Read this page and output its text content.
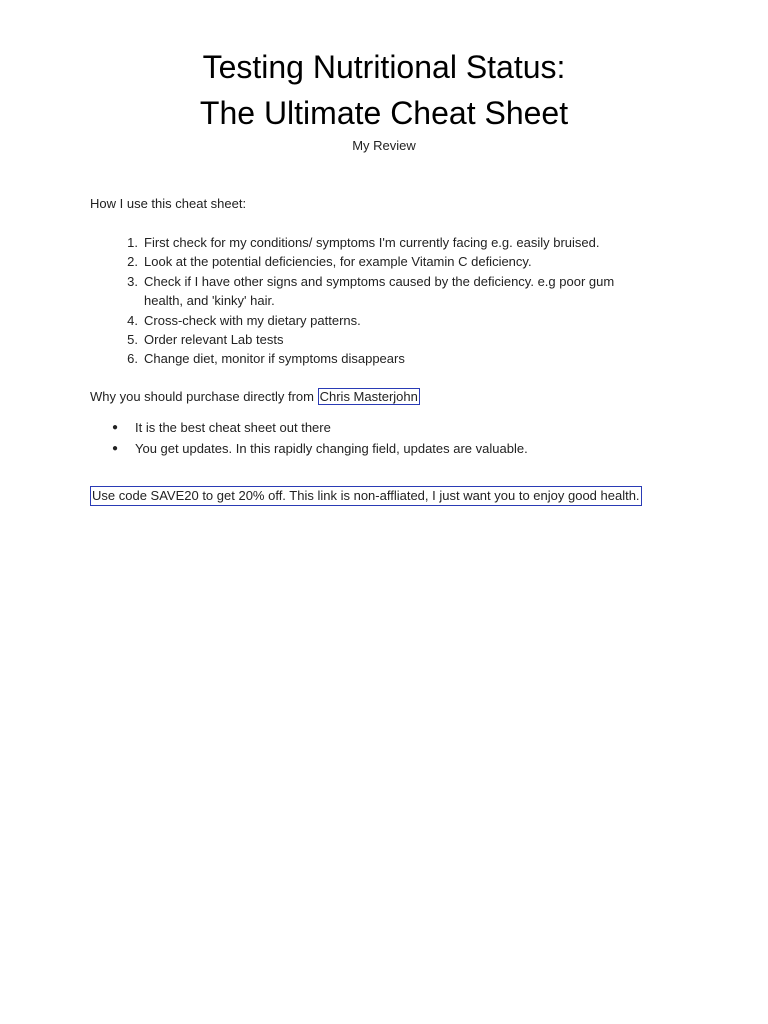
Testing Nutritional Status:
The Ultimate Cheat Sheet
My Review
How I use this cheat sheet:
1. First check for my conditions/ symptoms I'm currently facing e.g. easily bruised.
2. Look at the potential deficiencies, for example Vitamin C deficiency.
3. Check if I have other signs and symptoms caused by the deficiency. e.g poor gum health, and 'kinky' hair.
4. Cross-check with my dietary patterns.
5. Order relevant Lab tests
6. Change diet, monitor if symptoms disappears
Why you should purchase directly from Chris Masterjohn
● It is the best cheat sheet out there
● You get updates. In this rapidly changing field, updates are valuable.
Use code SAVE20 to get 20% off. This link is non-affliated, I just want you to enjoy good health.
